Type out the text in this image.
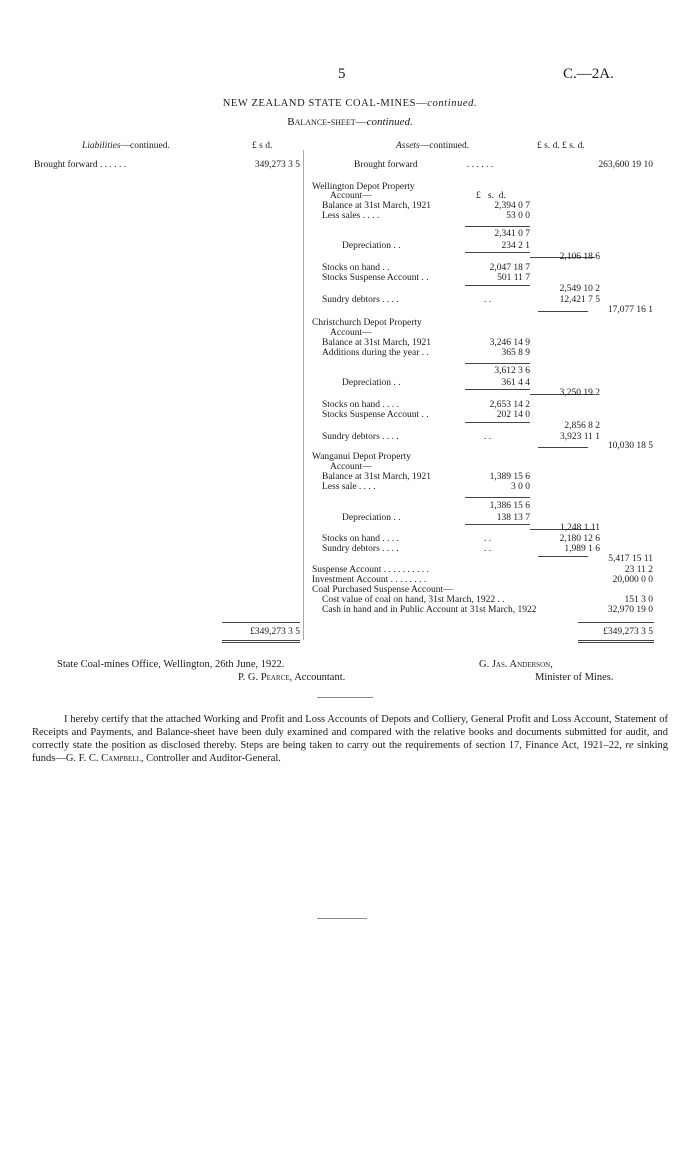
5	C.—2A.
NEW ZEALAND STATE COAL-MINES—continued.
Balance-sheet—continued.
Liabilities—continued.	£ s d.	Assets—continued.	£ s. d. £ s. d.
Brought forward . . . . . .	349,273 3 5	Brought forward	. . . . . .	263,600 19 10
Wellington Depot Property
Account—	£   s.  d.
Balance at 31st March, 1921	2,394 0 7
Less sales . . . .	53 0 0
2,341 0 7
Depreciation . .	234 2 1
2,106 18 6
Stocks on hand . .	2,047 18 7
Stocks Suspense Account . .	501 11 7
2,549 10 2
Sundry debtors . . . .	. .	12,421 7 5
17,077 16 1
Christchurch Depot Property
Account—
Balance at 31st March, 1921	3,246 14 9
Additions during the year . .	365 8 9
3,612 3 6
Depreciation . .	361 4 4
3,250 19 2
Stocks on hand . . . .	2,653 14 2
Stocks Suspense Account . .	202 14 0
2,856 8 2
Sundry debtors . . . .	. .	3,923 11 1
10,030 18 5
Wanganui Depot Property
Account—
Balance at 31st March, 1921	1,389 15 6
Less sale . . . .	3 0 0
1,386 15 6
Depreciation . .	138 13 7
1,248 1 11
Stocks on hand . . . .	. .	2,180 12 6
Sundry debtors . . . .	. .	1,989 1 6
5,417 15 11
Suspense Account . . . . . . . . . .	23 11 2
Investment Account . . . . . . . .	20,000 0 0
Coal Purchased Suspense Account—
Cost value of coal on hand, 31st March, 1922 . .	151 3 0
Cash in hand and in Public Account at 31st March, 1922	32,970 19 0
£349,273 3 5	£349,273 3 5
State Coal-mines Office, Wellington, 26th June, 1922.
P. G. Pearce, Accountant.
G. Jas. Anderson,
Minister of Mines.
I hereby certify that the attached Working and Profit and Loss Accounts of Depots and Colliery, General Profit and Loss Account, Statement of Receipts and Payments, and Balance-sheet have been duly examined and compared with the relative books and documents submitted for audit, and correctly state the position as disclosed thereby. Steps are being taken to carry out the requirements of section 17, Finance Act, 1921–22, re sinking funds—G. F. C. Campbell, Controller and Auditor-General.
